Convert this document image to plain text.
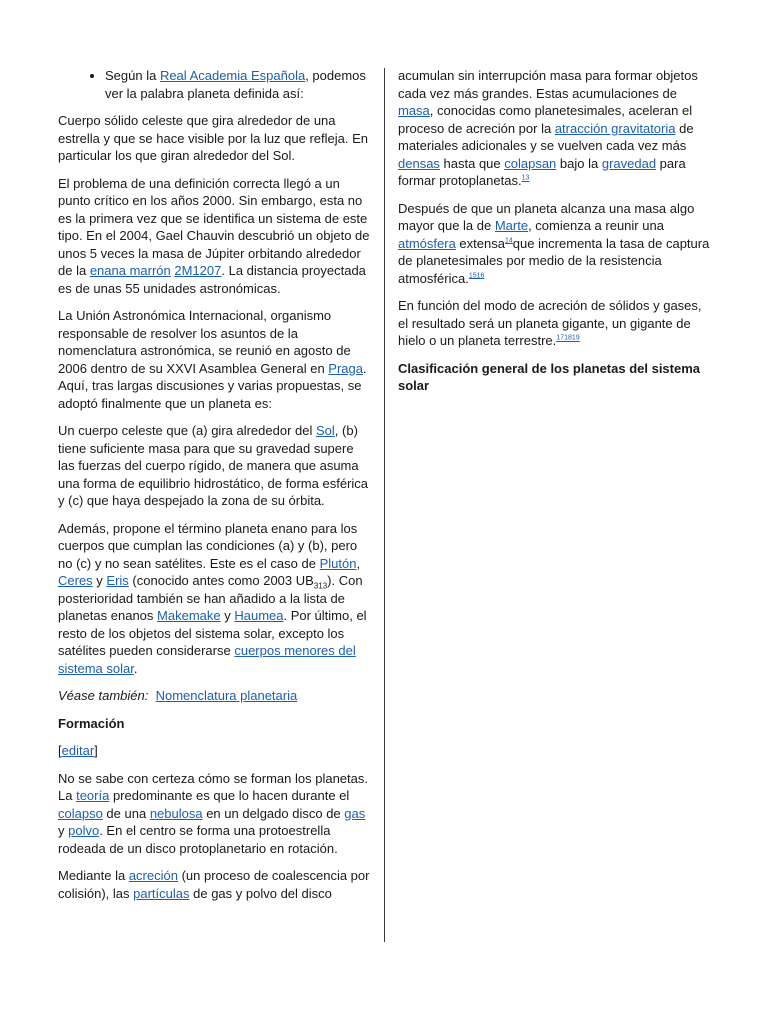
• Según la Real Academia Española, podemos ver la palabra planeta definida así:

Cuerpo sólido celeste que gira alrededor de una estrella y que se hace visible por la luz que refleja. En particular los que giran alrededor del Sol.

El problema de una definición correcta llegó a un punto crítico en los años 2000. Sin embargo, esta no es la primera vez que se identifica un sistema de este tipo. En el 2004, Gael Chauvin descubrió un objeto de unos 5 veces la masa de Júpiter orbitando alrededor de la enana marrón 2M1207. La distancia proyectada es de unas 55 unidades astronómicas.

La Unión Astronómica Internacional, organismo responsable de resolver los asuntos de la nomenclatura astronómica, se reunió en agosto de 2006 dentro de su XXVI Asamblea General en Praga. Aquí, tras largas discusiones y varias propuestas, se adoptó finalmente que un planeta es:

Un cuerpo celeste que (a) gira alrededor del Sol, (b) tiene suficiente masa para que su gravedad supere las fuerzas del cuerpo rígido, de manera que asuma una forma de equilibrio hidrostático, de forma esférica y (c) que haya despejado la zona de su órbita.

Además, propone el término planeta enano para los cuerpos que cumplan las condiciones (a) y (b), pero no (c) y no sean satélites. Este es el caso de Plutón, Ceres y Eris (conocido antes como 2003 $UB_{313}$). Con posterioridad también se han añadido a la lista de planetas enanos Makemake y Haumea. Por último, el resto de los objetos del sistema solar, excepto los satélites pueden considerarse cuerpos menores del sistema solar.

Véase también: Nomenclatura planetaria

Formación

[editar]

No se sabe con certeza cómo se forman los planetas. La teoría predominante es que lo hacen durante el colapso de una nebulosa en un delgado disco de gas y polvo. En el centro se forma una protoestrella rodeada de un disco protoplanetario en rotación.

Mediante la acreción (un proceso de coalescencia por colisión), las partículas de gas y polvo del disco

acumulan sin interrupción masa para formar objetos cada vez más grandes. Estas acumulaciones de masa, conocidas como planetesimales, aceleran el proceso de acreción por la atracción gravitatoria de materiales adicionales y se vuelven cada vez más densas hasta que colapsan bajo la gravedad para formar protoplanetas.$^{13}$

Después de que un planeta alcanza una masa algo mayor que la de Marte, comienza a reunir una atmósfera extensa$^{14}$que incrementa la tasa de captura de planetesimales por medio de la resistencia atmosférica.$^{1516}$

En función del modo de acreción de sólidos y gases, el resultado será un planeta gigante, un gigante de hielo o un planeta terrestre.$^{171819}$

Clasificación general de los planetas del sistema solar
